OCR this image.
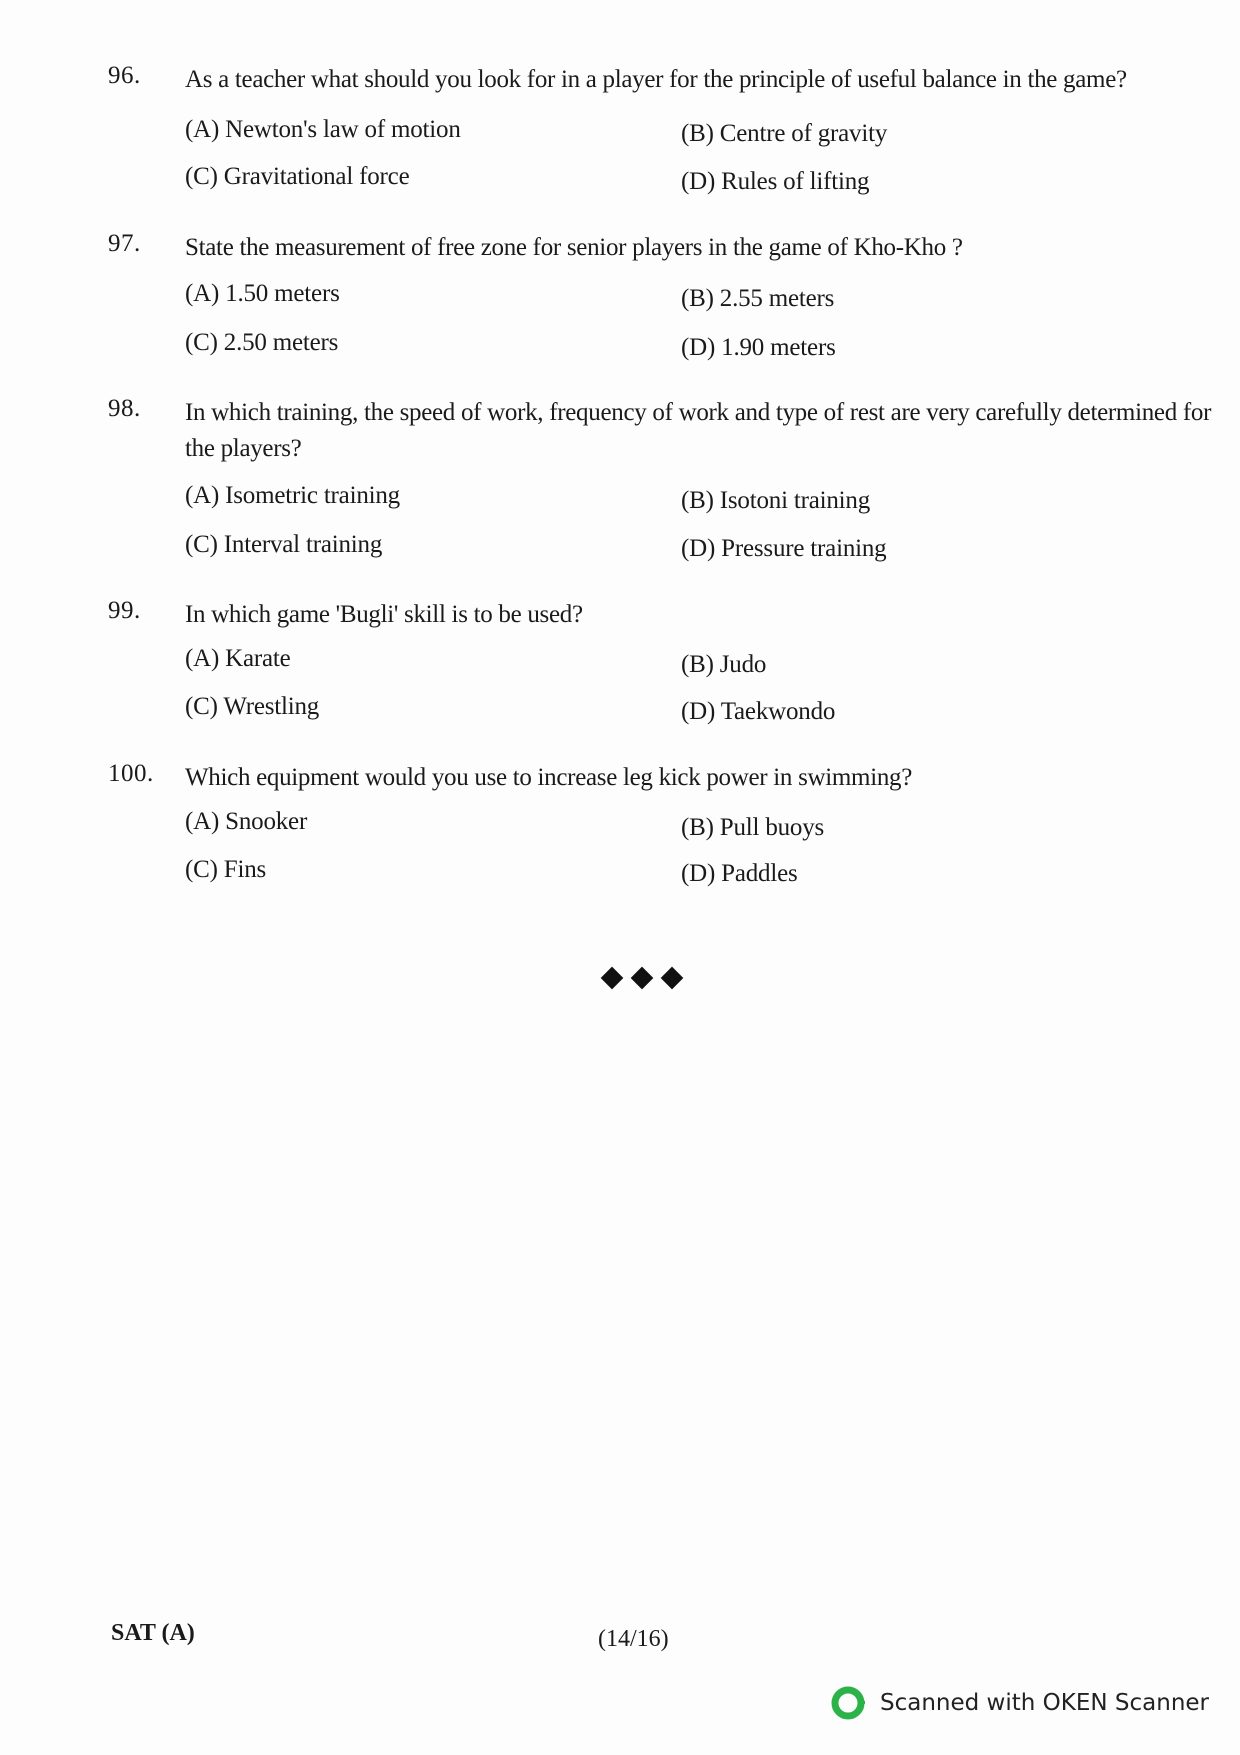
96. As a teacher what should you look for in a player for the principle of useful balance in the game?
(A) Newton's law of motion	(B) Centre of gravity
(C) Gravitational force	(D) Rules of lifting
97. State the measurement of free zone for senior players in the game of Kho-Kho ?
(A) 1.50 meters	(B) 2.55 meters
(C) 2.50 meters	(D) 1.90 meters
98. In which training, the speed of work, frequency of work and type of rest are very carefully determined for the players?
(A) Isometric training	(B) Isotoni training
(C) Interval training	(D) Pressure training
99. In which game 'Bugli' skill is to be used?
(A) Karate	(B) Judo
(C) Wrestling	(D) Taekwondo
100. Which equipment would you use to increase leg kick power in swimming?
(A) Snooker	(B) Pull buoys
(C) Fins	(D) Paddles
SAT (A)	(14/16)
Scanned with OKEN Scanner
